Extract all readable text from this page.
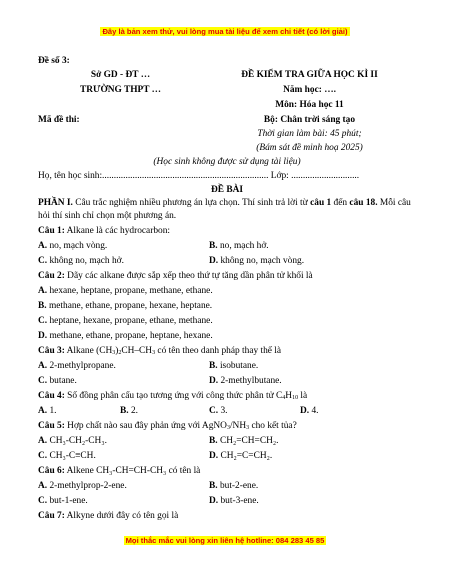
Đây là bản xem thử, vui lòng mua tài liệu để xem chi tiết (có lời giải)
Đề số 3:
Sở GD - ĐT …	ĐỀ KIỂM TRA GIỮA HỌC KÌ II
TRƯỜNG THPT …	Năm học: ….
Môn: Hóa học 11
Mã đề thi:	Bộ: Chân trời sáng tạo
Thời gian làm bài: 45 phút;
(Bám sát đề minh hoạ 2025)
(Học sinh không được sử dụng tài liệu)
Họ, tên học sinh:....................................................................... Lớp: .............................
ĐỀ BÀI
PHẦN I. Câu trắc nghiệm nhiều phương án lựa chọn. Thí sinh trả lời từ câu 1 đến câu 18. Mỗi câu hỏi thí sinh chỉ chọn một phương án.
Câu 1: Alkane là các hydrocarbon:
A. no, mạch vòng.	B. no, mạch hở.
C. không no, mạch hở.	D. không no, mạch vòng.
Câu 2: Dãy các alkane được sắp xếp theo thứ tự tăng dần phân tử khối là
A. hexane, heptane, propane, methane, ethane.
B. methane, ethane, propane, hexane, heptane.
C. heptane, hexane, propane, ethane, methane.
D. methane, ethane, propane, heptane, hexane.
Câu 3: Alkane $(CH_3)_2CH-CH_3$ có tên theo danh pháp thay thế là
A. 2-methylpropane.	B. isobutane.
C. butane.	D. 2-methylbutane.
Câu 4: Số đồng phân cấu tạo tương ứng với công thức phân tử $C_4H_{10}$ là
A. 1.	B. 2.	C. 3.	D. 4.
Câu 5: Hợp chất nào sau đây phản ứng với $AgNO_3/NH_3$ cho kết tủa?
A. CH₃-CH₂-CH₃.	B. CH₂=CH=CH₂.
C. CH₃-C≡CH.	D. CH₂=C=CH₂.
Câu 6: Alkene CH₃-CH=CH-CH₃ có tên là
A. 2-methylprop-2-ene.	B. but-2-ene.
C. but-1-ene.	D. but-3-ene.
Câu 7: Alkyne dưới đây có tên gọi là
Mọi thắc mắc vui lòng xin liên hệ hotline: 084 283 45 85
